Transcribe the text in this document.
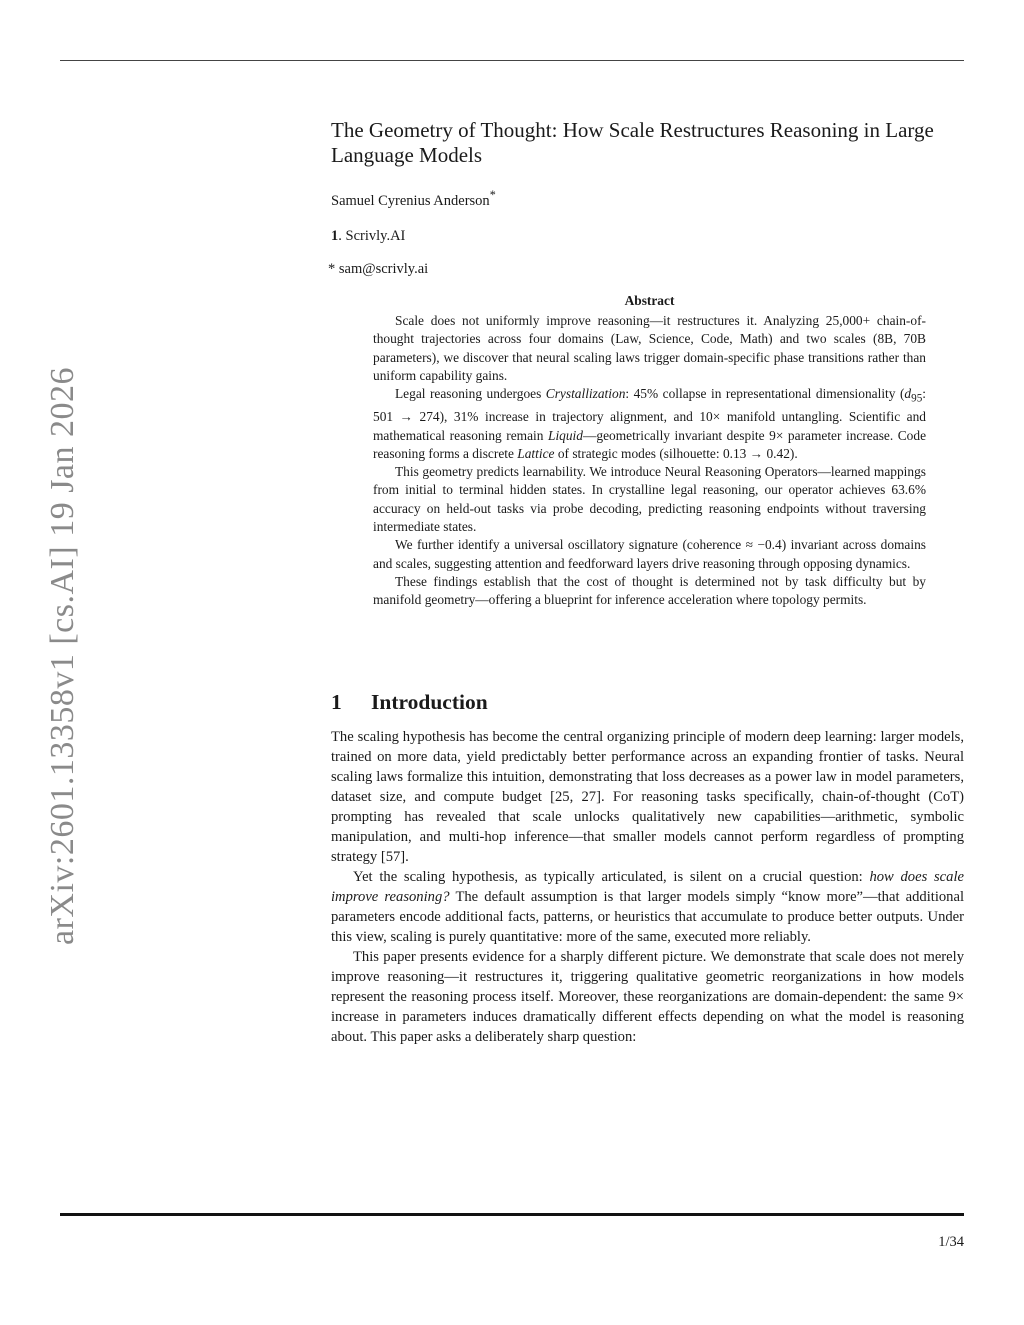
arXiv:2601.13358v1 [cs.AI] 19 Jan 2026
The Geometry of Thought: How Scale Restructures Reasoning in Large Language Models

Samuel Cyrenius Anderson*

1. Scrivly.AI

* sam@scrivly.ai

Abstract

Scale does not uniformly improve reasoning—it restructures it. Analyzing 25,000+ chain-of-thought trajectories across four domains (Law, Science, Code, Math) and two scales (8B, 70B parameters), we discover that neural scaling laws trigger domain-specific phase transitions rather than uniform capability gains.

Legal reasoning undergoes Crystallization: 45% collapse in representational dimensionality ($d_{95}$: 501 → 274), 31% increase in trajectory alignment, and 10× manifold untangling. Scientific and mathematical reasoning remain Liquid—geometrically invariant despite 9× parameter increase. Code reasoning forms a discrete Lattice of strategic modes (silhouette: 0.13 → 0.42).

This geometry predicts learnability. We introduce Neural Reasoning Operators—learned mappings from initial to terminal hidden states. In crystalline legal reasoning, our operator achieves 63.6% accuracy on held-out tasks via probe decoding, predicting reasoning endpoints without traversing intermediate states.

We further identify a universal oscillatory signature (coherence ≈ −0.4) invariant across domains and scales, suggesting attention and feedforward layers drive reasoning through opposing dynamics.

These findings establish that the cost of thought is determined not by task difficulty but by manifold geometry—offering a blueprint for inference acceleration where topology permits.

1 Introduction

The scaling hypothesis has become the central organizing principle of modern deep learning: larger models, trained on more data, yield predictably better performance across an expanding frontier of tasks. Neural scaling laws formalize this intuition, demonstrating that loss decreases as a power law in model parameters, dataset size, and compute budget [25, 27]. For reasoning tasks specifically, chain-of-thought (CoT) prompting has revealed that scale unlocks qualitatively new capabilities—arithmetic, symbolic manipulation, and multi-hop inference—that smaller models cannot perform regardless of prompting strategy [57].

Yet the scaling hypothesis, as typically articulated, is silent on a crucial question: how does scale improve reasoning? The default assumption is that larger models simply “know more”—that additional parameters encode additional facts, patterns, or heuristics that accumulate to produce better outputs. Under this view, scaling is purely quantitative: more of the same, executed more reliably.

This paper presents evidence for a sharply different picture. We demonstrate that scale does not merely improve reasoning—it restructures it, triggering qualitative geometric reorganizations in how models represent the reasoning process itself. Moreover, these reorganizations are domain-dependent: the same 9× increase in parameters induces dramatically different effects depending on what the model is reasoning about. This paper asks a deliberately sharp question:

1/34
